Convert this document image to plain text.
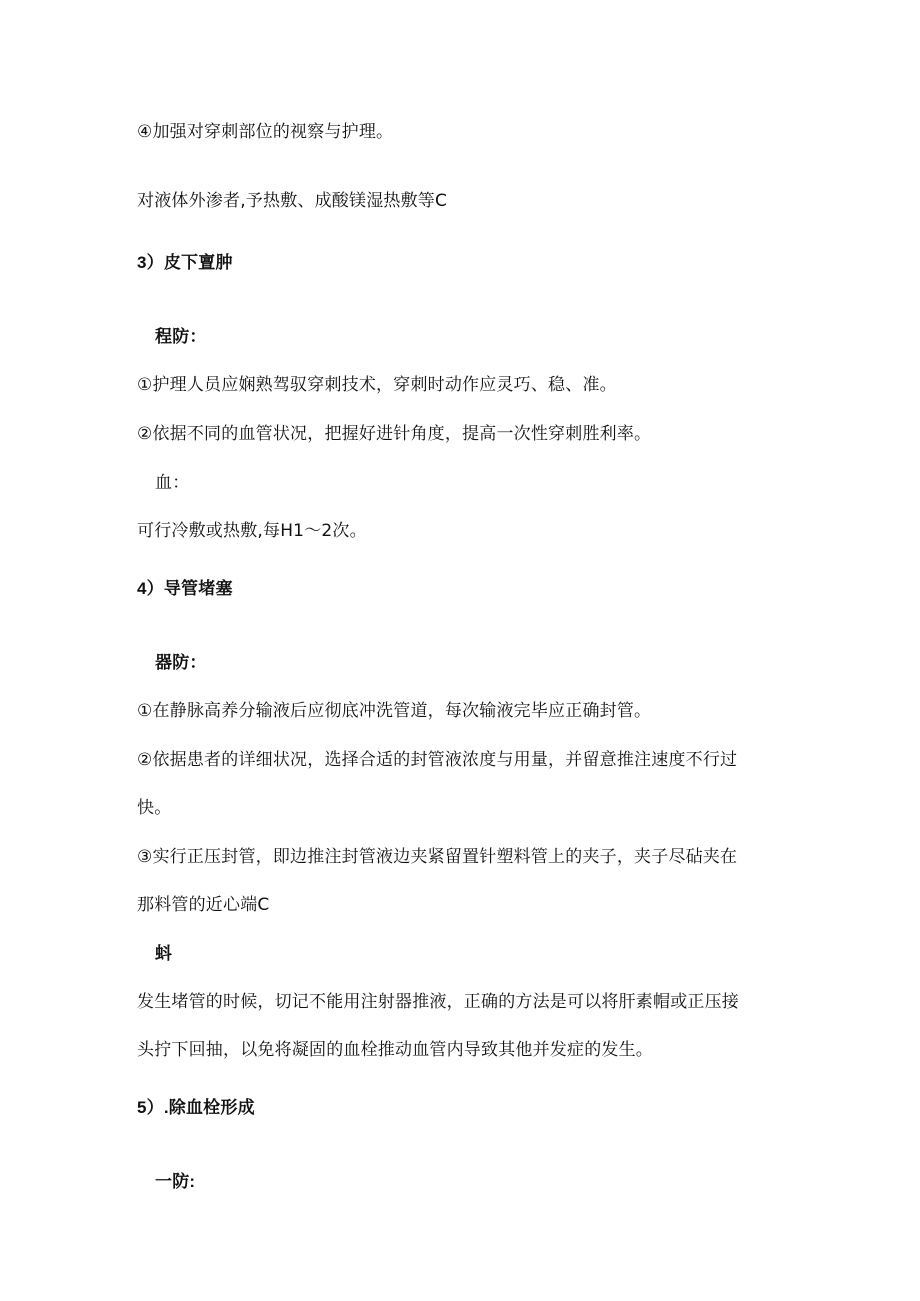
④加强对穿刺部位的视察与护理。
对液体外渗者,予热敷、成酸镁湿热敷等C
3）皮下亶肿
程防：
①护理人员应娴熟驾驭穿刺技术，穿刺时动作应灵巧、稳、准。
②依据不同的血管状况，把握好进针角度，提高一次性穿刺胜利率。
血：
可行冷敷或热敷,每H1～2次。
4）导管堵塞
器防：
①在静脉高养分输液后应彻底冲洗管道，每次输液完毕应正确封管。
②依据患者的详细状况，选择合适的封管液浓度与用量，并留意推注速度不行过
快。
③实行正压封管，即边推注封管液边夹紧留置针塑料管上的夹子，夹子尽砧夹在
那料管的近心端C
蚪
发生堵管的时候，切记不能用注射器推液，正确的方法是可以将肝素帽或正压接
头拧下回抽，以免将凝固的血栓推动血管内导致其他并发症的发生。
5）.除血栓形成
一防:
